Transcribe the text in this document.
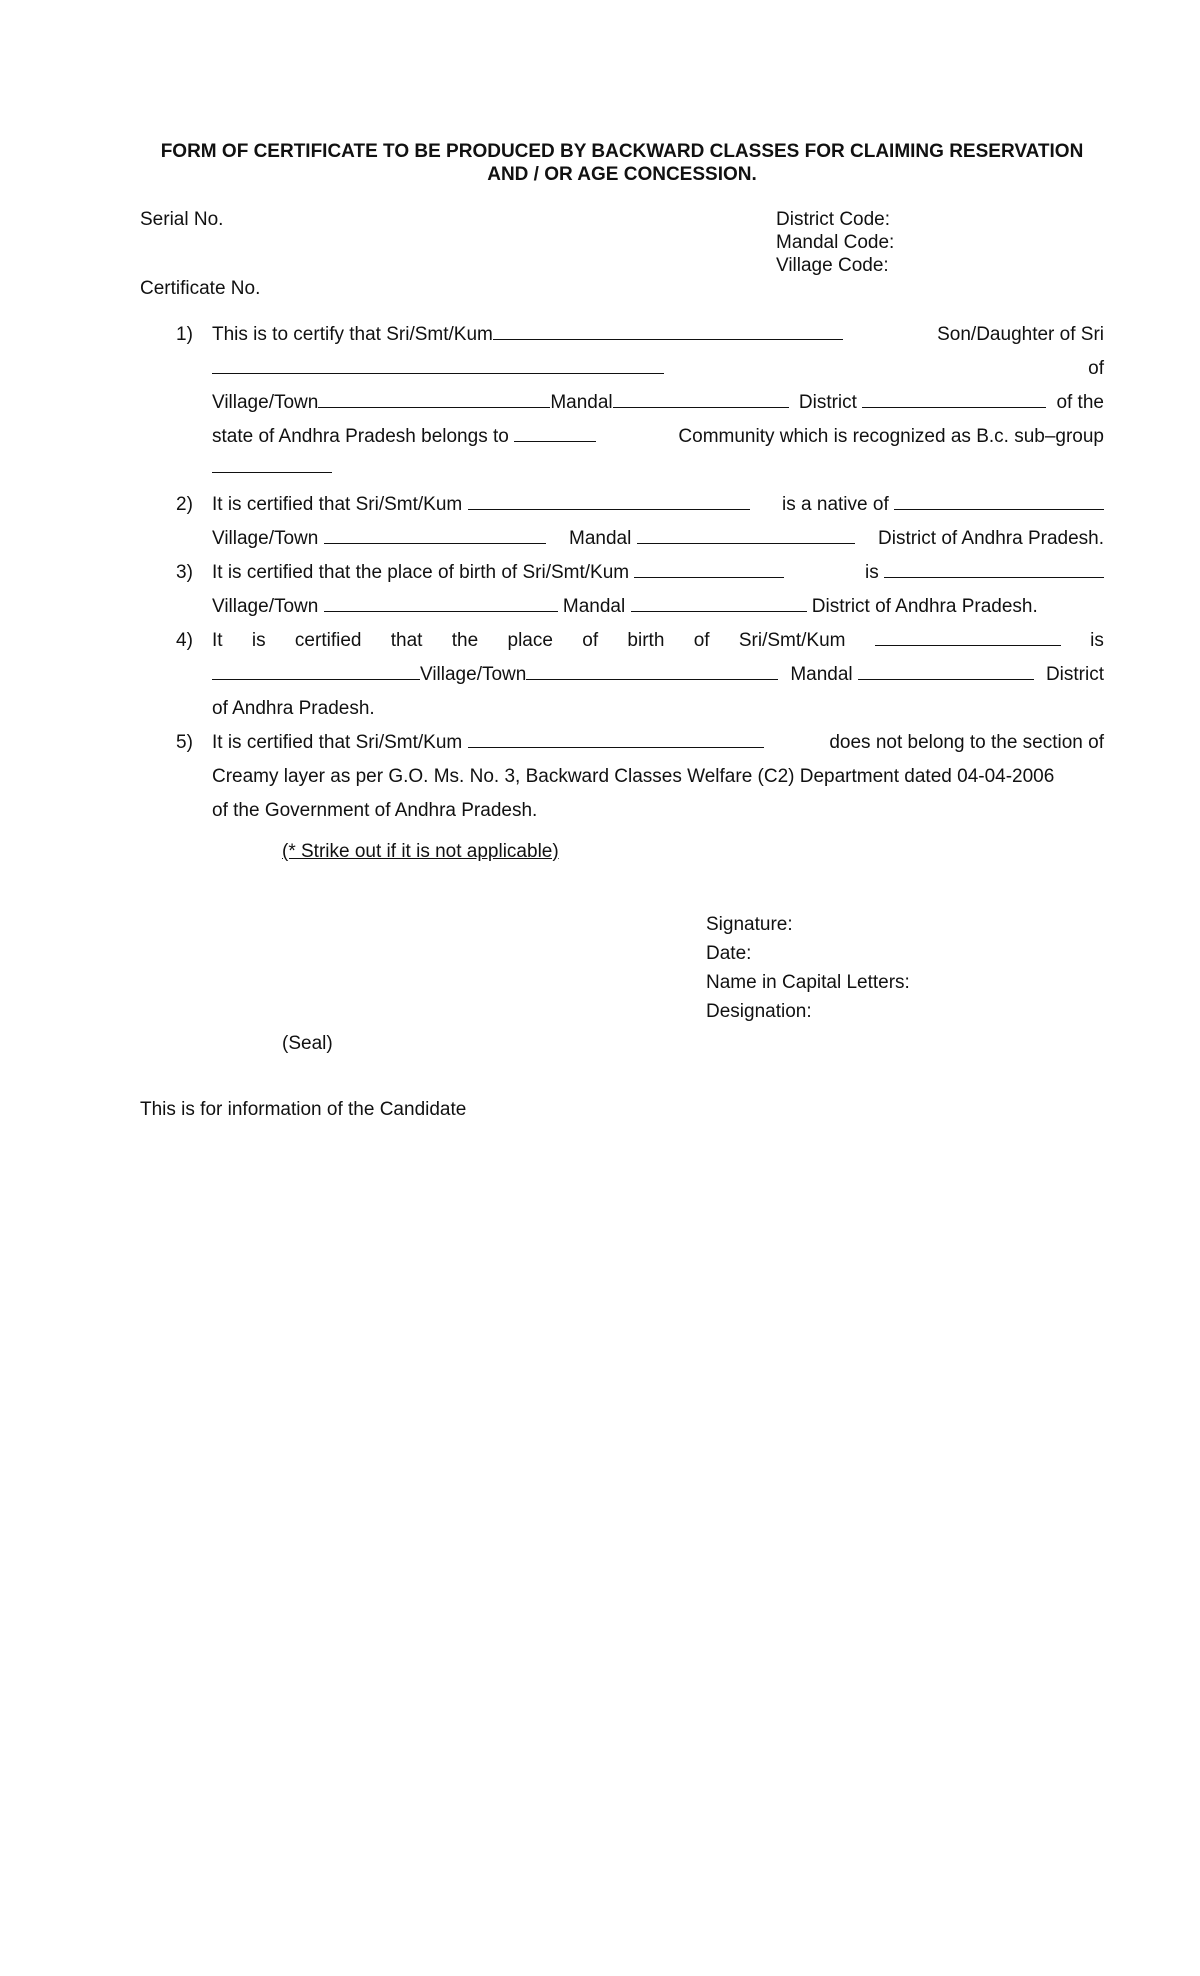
FORM OF CERTIFICATE TO BE PRODUCED BY BACKWARD CLASSES FOR CLAIMING RESERVATION
AND / OR AGE CONCESSION.
Serial No.	District Code:
Mandal Code:
Village Code:
Certificate No.
1) This is to certify that Sri/Smt/Kum	Son/Daughter of Sri
of
Village/Town	Mandal	District	of the
state of Andhra Pradesh belongs to	Community which is recognized as B.c. sub–group
2) It is certified that Sri/Smt/Kum	is a native of
Village/Town	Mandal	District of Andhra Pradesh.
3) It is certified that the place of birth of Sri/Smt/Kum	is
Village/Town

	Mandal

	District of Andhra Pradesh.
4) It is certified that the place of birth of Sri/Smt/Kum	is
Village/Town	Mandal	District
of Andhra Pradesh.
5) It is certified that Sri/Smt/Kum	does not belong to the section of
Creamy layer as per G.O. Ms. No. 3, Backward Classes Welfare (C2) Department dated 04-04-2006
of the Government of Andhra Pradesh.
(* Strike out if it is not applicable)
Signature:
Date:
Name in Capital Letters:
Designation:
(Seal)
This is for information of the Candidate
